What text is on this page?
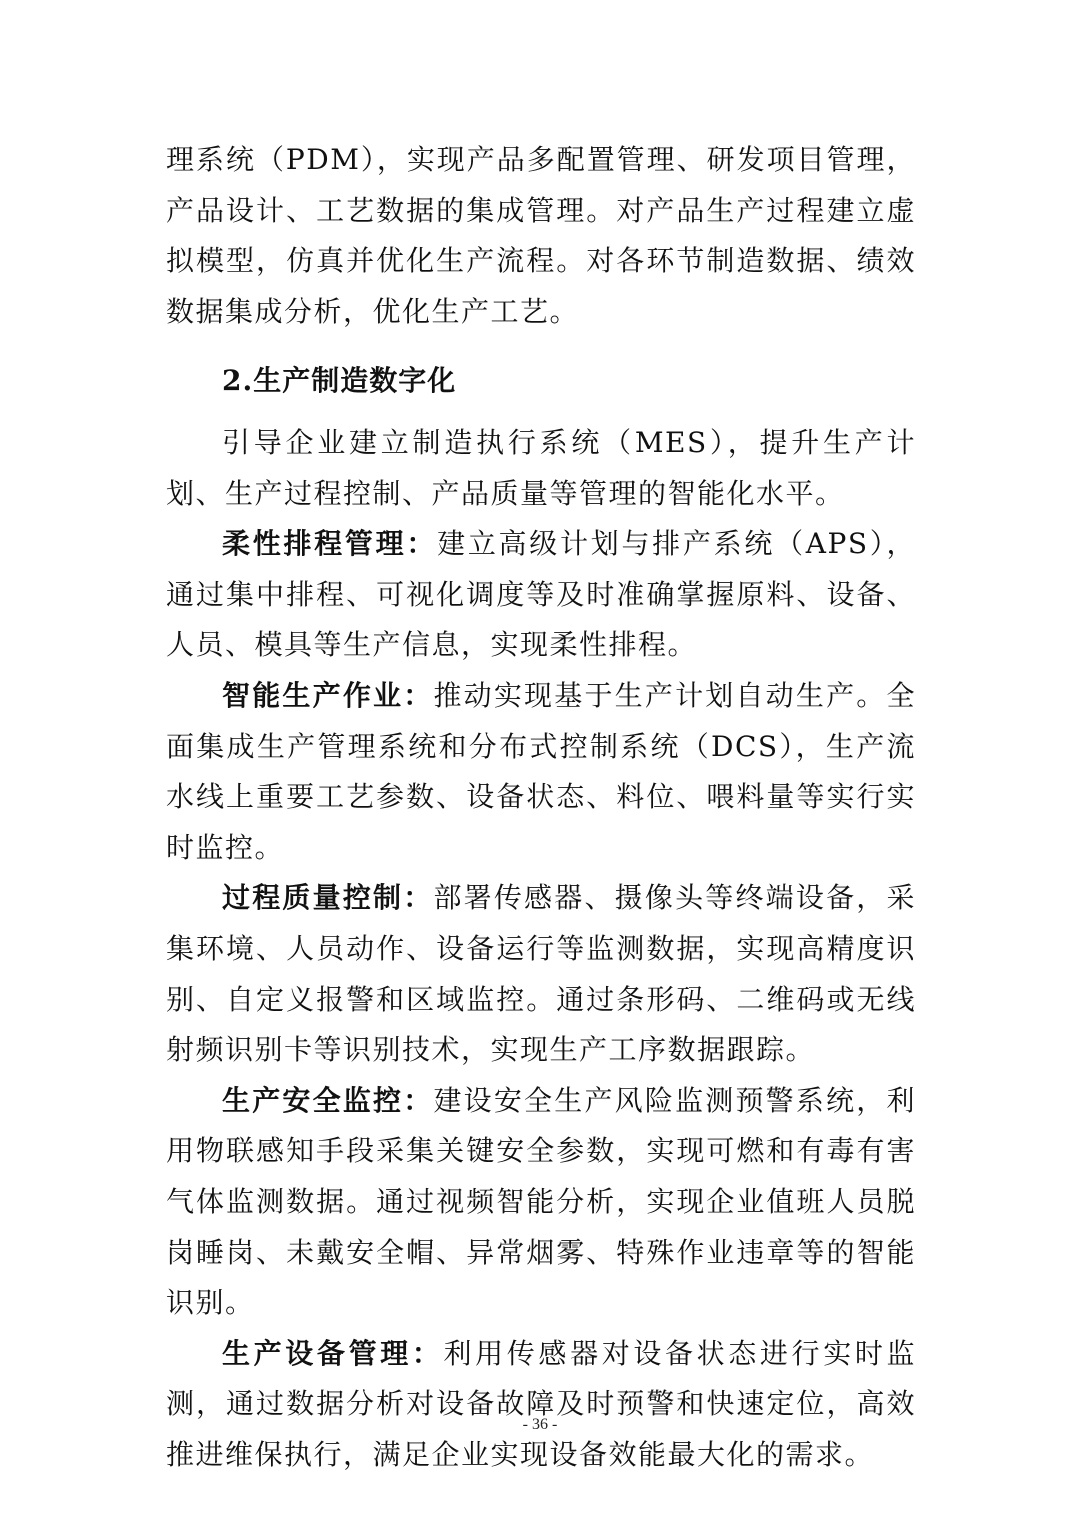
理系统（PDM），实现产品多配置管理、研发项目管理，产品设计、工艺数据的集成管理。对产品生产过程建立虚拟模型，仿真并优化生产流程。对各环节制造数据、绩效数据集成分析，优化生产工艺。

2.生产制造数字化

引导企业建立制造执行系统（MES），提升生产计划、生产过程控制、产品质量等管理的智能化水平。

柔性排程管理：建立高级计划与排产系统（APS），通过集中排程、可视化调度等及时准确掌握原料、设备、人员、模具等生产信息，实现柔性排程。

智能生产作业：推动实现基于生产计划自动生产。全面集成生产管理系统和分布式控制系统（DCS），生产流水线上重要工艺参数、设备状态、料位、喂料量等实行实时监控。

过程质量控制：部署传感器、摄像头等终端设备，采集环境、人员动作、设备运行等监测数据，实现高精度识别、自定义报警和区域监控。通过条形码、二维码或无线射频识别卡等识别技术，实现生产工序数据跟踪。

生产安全监控：建设安全生产风险监测预警系统，利用物联感知手段采集关键安全参数，实现可燃和有毒有害气体监测数据。通过视频智能分析，实现企业值班人员脱岗睡岗、未戴安全帽、异常烟雾、特殊作业违章等的智能识别。

生产设备管理：利用传感器对设备状态进行实时监测，通过数据分析对设备故障及时预警和快速定位，高效推进维保执行，满足企业实现设备效能最大化的需求。

- 36 -
